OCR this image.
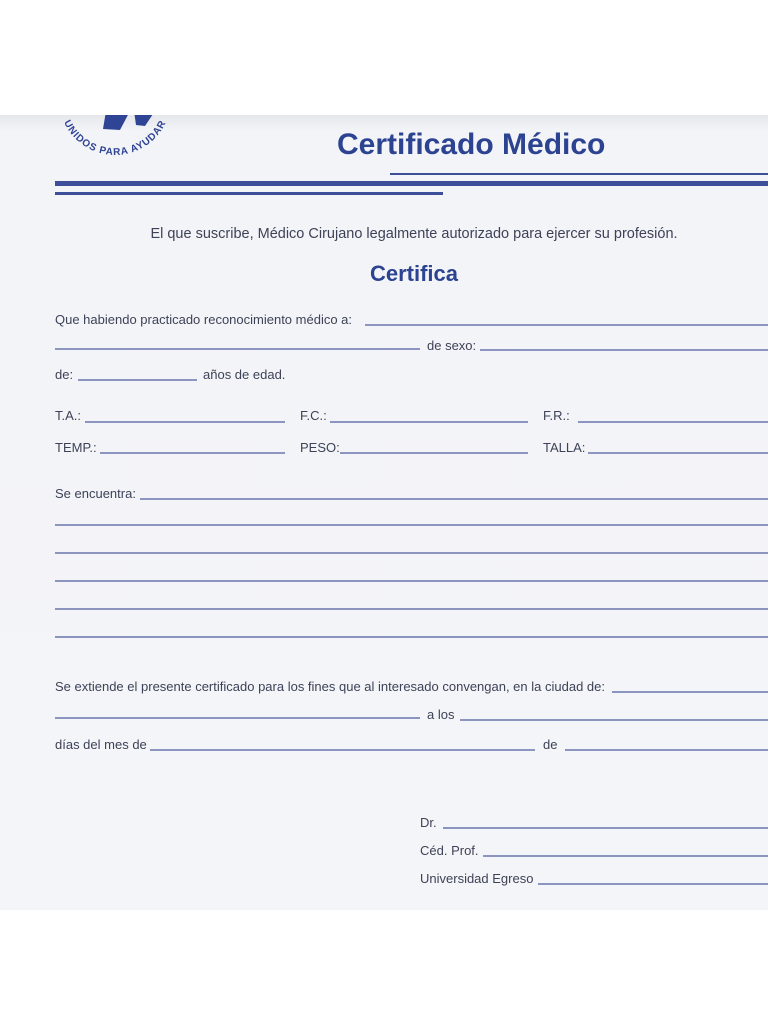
UNIDOS PARA AYUDAR
Certificado Médico
El que suscribe, Médico Cirujano legalmente autorizado para ejercer su profesión.
Certifica
Que habiendo practicado reconocimiento médico a:
de sexo:
de:	años de edad.
T.A.:	F.C.:	F.R.:
TEMP.:	PESO:	TALLA:
Se encuentra:
Se extiende el presente certificado para los fines que al interesado convengan, en la ciudad de:
a los
días del mes de	de
Dr.
Céd. Prof.
Universidad Egreso
